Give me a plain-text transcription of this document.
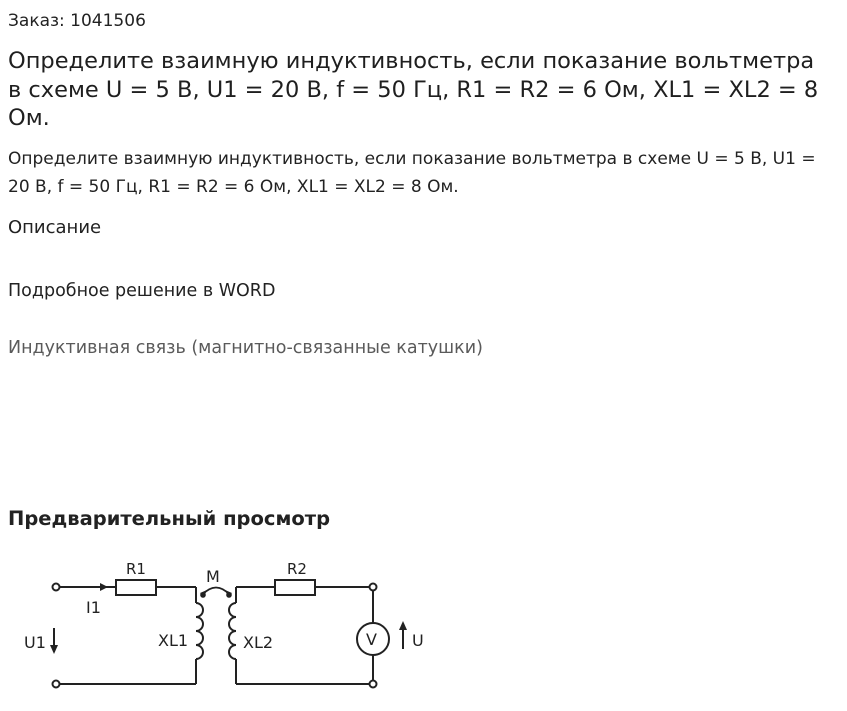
Заказ: 1041506
Определите взаимную индуктивность, если показание вольтметра в схеме U = 5 В, U1 = 20 В, f = 50 Гц, R1 = R2 = 6 Ом, XL1 = XL2 = 8 Ом.
Определите взаимную индуктивность, если показание вольтметра в схеме U = 5 В, U1 = 20 В, f = 50 Гц, R1 = R2 = 6 Ом, XL1 = XL2 = 8 Ом.
Описание
Подробное решение в WORD
Индуктивная связь (магнитно-связанные катушки)
Предварительный просмотр
R1	M	R2
I1
U1	XL1	XL2	V U
